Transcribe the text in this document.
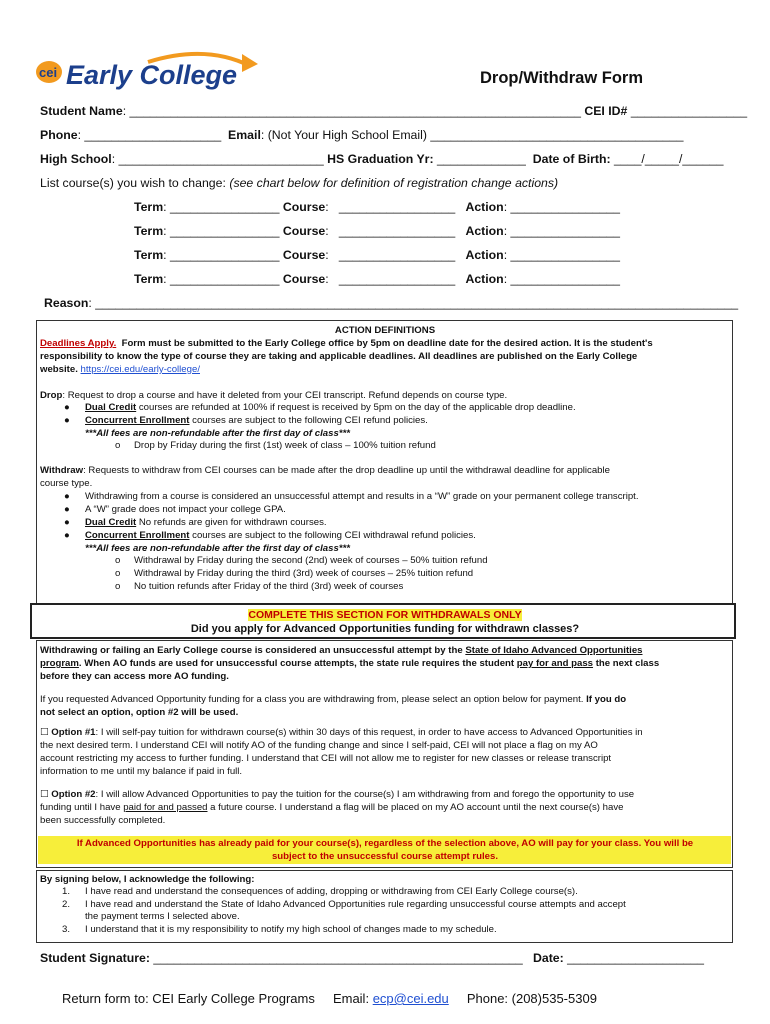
cei Early College	Drop/Withdraw Form
Student Name: __________________________________________________________________ CEI ID# _________________
Phone: ____________________ Email: (Not Your High School Email) _____________________________________
High School: ______________________________ HS Graduation Yr: _____________ Date of Birth: ____/_____/______
List course(s) you wish to change: (see chart below for definition of registration change actions)
Term: ________________ Course:   _________________ Action: ________________
Term: ________________ Course:   _________________ Action: ________________
Term: ________________ Course:   _________________ Action: ________________
Term: ________________ Course:   _________________ Action: ________________
Reason: ______________________________________________________________________________________________
ACTION DEFINITIONS
Deadlines Apply. Form must be submitted to the Early College office by 5pm on deadline date for the desired action. It is the student's
responsibility to know the type of course they are taking and applicable deadlines. All deadlines are published on the Early College
website. https://cei.edu/early-college/
Drop: Request to drop a course and have it deleted from your CEI transcript. Refund depends on course type.
● Dual Credit courses are refunded at 100% if request is received by 5pm on the day of the applicable drop deadline.
● Concurrent Enrollment courses are subject to the following CEI refund policies.
***All fees are non-refundable after the first day of class***
o Drop by Friday during the first (1st) week of class – 100% tuition refund
Withdraw: Requests to withdraw from CEI courses can be made after the drop deadline up until the withdrawal deadline for applicable
course type.
● Withdrawing from a course is considered an unsuccessful attempt and results in a “W” grade on your permanent college transcript.
● A “W” grade does not impact your college GPA.
● Dual Credit No refunds are given for withdrawn courses.
● Concurrent Enrollment courses are subject to the following CEI withdrawal refund policies.
***All fees are non-refundable after the first day of class***
o Withdrawal by Friday during the second (2nd) week of courses – 50% tuition refund
o Withdrawal by Friday during the third (3rd) week of courses – 25% tuition refund
o No tuition refunds after Friday of the third (3rd) week of courses
COMPLETE THIS SECTION FOR WITHDRAWALS ONLY
Did you apply for Advanced Opportunities funding for withdrawn classes?
Withdrawing or failing an Early College course is considered an unsuccessful attempt by the State of Idaho Advanced Opportunities
program. When AO funds are used for unsuccessful course attempts, the state rule requires the student pay for and pass the next class
before they can access more AO funding.
If you requested Advanced Opportunity funding for a class you are withdrawing from, please select an option below for payment. If you do
not select an option, option #2 will be used.
☐ Option #1: I will self-pay tuition for withdrawn course(s) within 30 days of this request, in order to have access to Advanced Opportunities in
the next desired term. I understand CEI will notify AO of the funding change and since I self-paid, CEI will not place a flag on my AO
account restricting my access to further funding. I understand that CEI will not allow me to register for new classes or release transcript
information to me until my balance if paid in full.
☐ Option #2: I will allow Advanced Opportunities to pay the tuition for the course(s) I am withdrawing from and forego the opportunity to use
funding until I have paid for and passed a future course. I understand a flag will be placed on my AO account until the next course(s) have
been successfully completed.
If Advanced Opportunities has already paid for your course(s), regardless of the selection above, AO will pay for your class. You will be
subject to the unsuccessful course attempt rules.
By signing below, I acknowledge the following:
1. I have read and understand the consequences of adding, dropping or withdrawing from CEI Early College course(s).
2. I have read and understand the State of Idaho Advanced Opportunities rule regarding unsuccessful course attempts and accept
the payment terms I selected above.
3. I understand that it is my responsibility to notify my high school of changes made to my schedule.
Student Signature: ______________________________________________________ Date: ____________________
Return form to: CEI Early College Programs Email: ecp@cei.edu Phone: (208)535-5309
